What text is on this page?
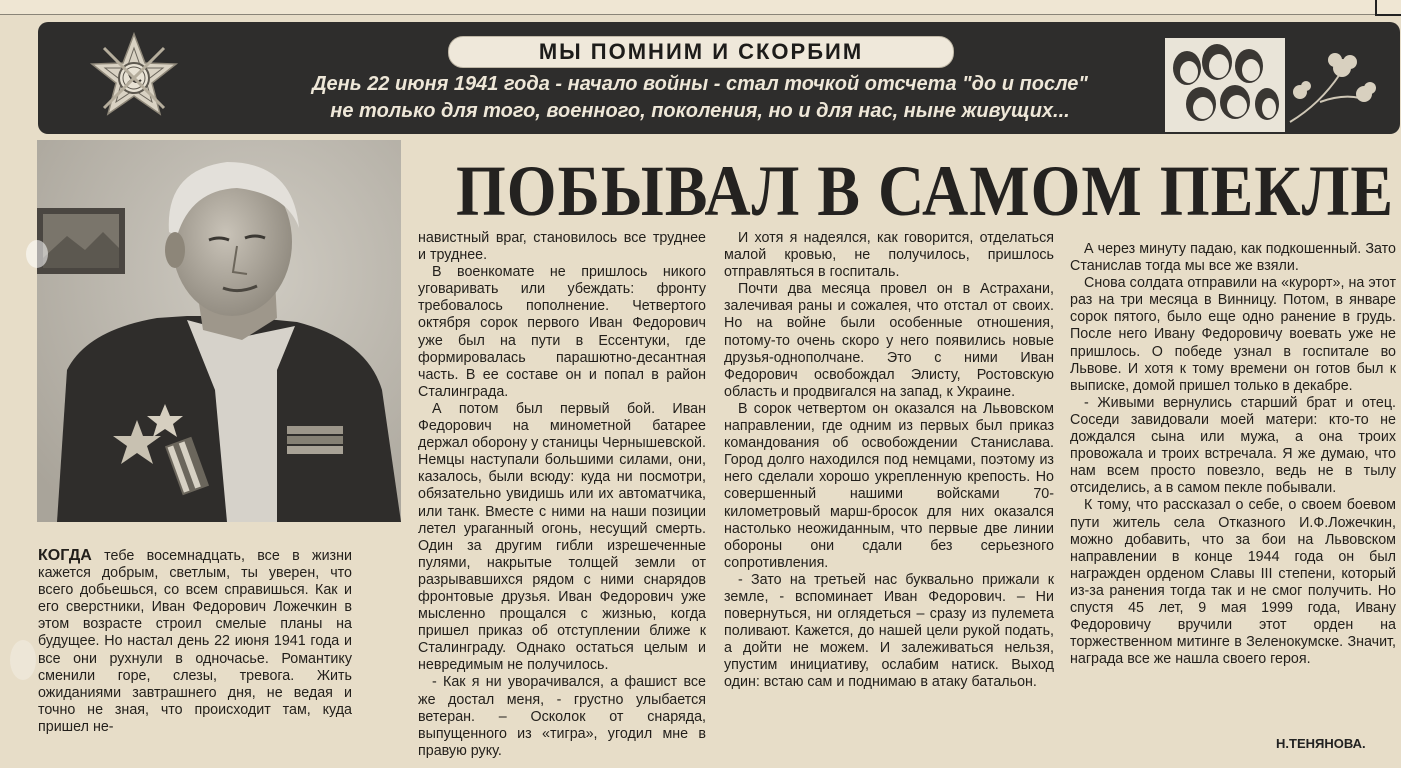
МЫ ПОМНИМ И СКОРБИМ
День 22 июня 1941 года - начало войны - стал точкой отсчета "до и после"
не только для того, военного, поколения, но и для нас, ныне живущих...
ПОБЫВАЛ В САМОМ ПЕКЛЕ

КОГДА тебе восемнадцать, все в жизни кажется добрым, светлым, ты уверен, что всего добьешься, со всем справишься. Как и его сверстники, Иван Федорович Ложечкин в этом возрасте строил смелые планы на будущее. Но настал день 22 июня 1941 года и все они рухнули в одночасье. Романтику сменили горе, слезы, тревога. Жить ожиданиями завтрашнего дня, не ведая и точно не зная, что происходит там, куда пришел не-

навистный враг, становилось все труднее и труднее.

В военкомате не пришлось никого уговаривать или убеждать: фронту требовалось пополнение. Четвертого октября сорок первого Иван Федорович уже был на пути в Ессентуки, где формировалась парашютно-десантная часть. В ее составе он и попал в район Сталинграда.

А потом был первый бой. Иван Федорович на минометной батарее держал оборону у станицы Чернышевской. Немцы наступали большими силами, они, казалось, были всюду: куда ни посмотри, обязательно увидишь или их автоматчика, или танк. Вместе с ними на наши позиции летел ураганный огонь, несущий смерть. Один за другим гибли изрешеченные пулями, накрытые толщей земли от разрывавшихся рядом с ними снарядов фронтовые друзья. Иван Федорович уже мысленно прощался с жизнью, когда пришел приказ об отступлении ближе к Сталинграду. Однако остаться целым и невредимым не получилось.

- Как я ни уворачивался, а фашист все же достал меня, - грустно улыбается ветеран. – Осколок от снаряда, выпущенного из «тигра», угодил мне в правую руку.

И хотя я надеялся, как говорится, отделаться малой кровью, не получилось, пришлось отправляться в госпиталь.

Почти два месяца провел он в Астрахани, залечивая раны и сожалея, что отстал от своих. Но на войне были особенные отношения, потому-то очень скоро у него появились новые друзья-однополчане. Это с ними Иван Федорович освобождал Элисту, Ростовскую область и продвигался на запад, к Украине.

В сорок четвертом он оказался на Львовском направлении, где одним из первых был приказ командования об освобождении Станислава. Город долго находился под немцами, поэтому из него сделали хорошо укрепленную крепость. Но совершенный нашими войсками 70-километровый марш-бросок для них оказался настолько неожиданным, что первые две линии обороны они сдали без серьезного сопротивления.

- Зато на третьей нас буквально прижали к земле, - вспоминает Иван Федорович. – Ни повернуться, ни оглядеться – сразу из пулемета поливают. Кажется, до нашей цели рукой подать, а дойти не можем. И залеживаться нельзя, упустим инициативу, ослабим натиск. Выход один: встаю сам и поднимаю в атаку батальон.

А через минуту падаю, как подкошенный. Зато Станислав тогда мы все же взяли.

Снова солдата отправили на «курорт», на этот раз на три месяца в Винницу. Потом, в январе сорок пятого, было еще одно ранение в грудь. После него Ивану Федоровичу воевать уже не пришлось. О победе узнал в госпитале во Львове. И хотя к тому времени он готов был к выписке, домой пришел только в декабре.

- Живыми вернулись старший брат и отец. Соседи завидовали моей матери: кто-то не дождался сына или мужа, а она троих провожала и троих встречала. Я же думаю, что нам всем просто повезло, ведь не в тылу отсиделись, а в самом пекле побывали.

К тому, что рассказал о себе, о своем боевом пути житель села Отказного И.Ф.Ложечкин, можно добавить, что за бои на Львовском направлении в конце 1944 года он был награжден орденом Славы III степени, который из-за ранения тогда так и не смог получить. Но спустя 45 лет, 9 мая 1999 года, Ивану Федоровичу вручили этот орден на торжественном митинге в Зеленокумске. Значит, награда все же нашла своего героя.

Н.ТЕНЯНОВА.
